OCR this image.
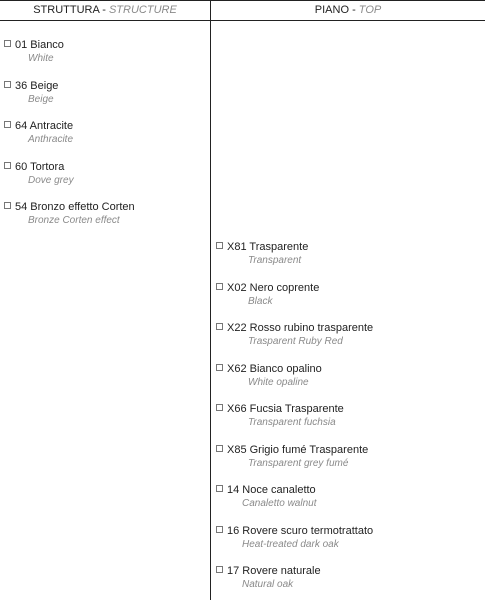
STRUTTURA - STRUCTURE	PIANO - TOP
01 Bianco
White
36 Beige
Beige
64 Antracite
Anthracite
60 Tortora
Dove grey
54 Bronzo effetto Corten
Bronze Corten effect
X81 Trasparente
Transparent
X02 Nero coprente
Black
X22 Rosso rubino trasparente
Trasparent Ruby Red
X62 Bianco opalino
White opaline
X66 Fucsia Trasparente
Transparent fuchsia
X85 Grigio fumé Trasparente
Transparent grey fumé
14 Noce canaletto
Canaletto walnut
16 Rovere scuro termotrattato
Heat-treated dark oak
17 Rovere naturale
Natural oak
